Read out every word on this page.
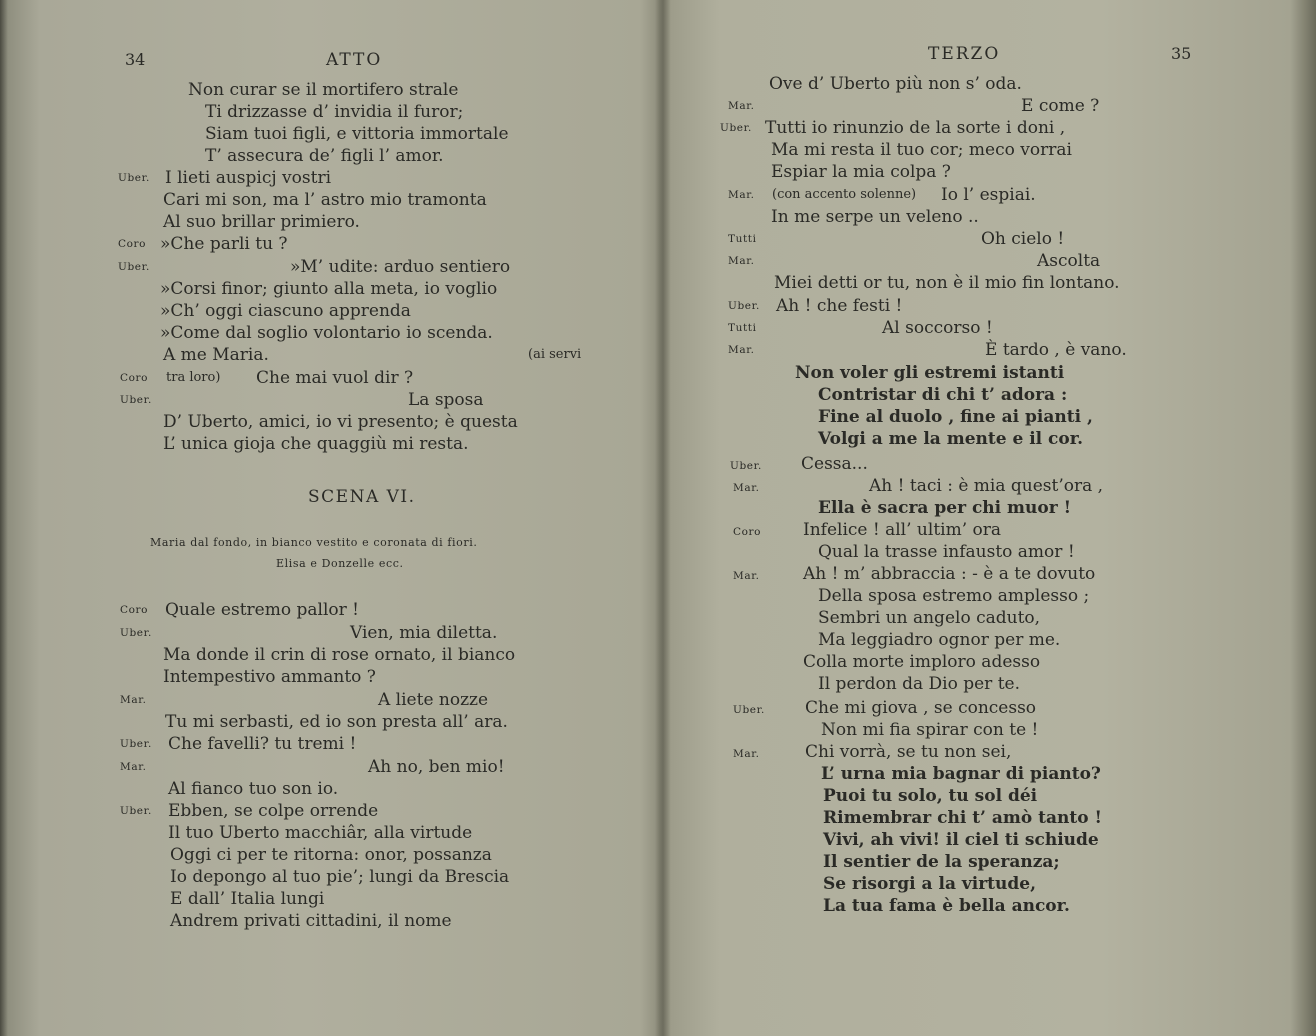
34	ATTO
Non curar se il mortifero strale
Ti drizzasse d’ invidia il furor;
Siam tuoi figli, e vittoria immortale
T’ assecura de’ figli l’ amor.
Uber. I lieti auspicj vostri
Cari mi son, ma l’ astro mio tramonta
Al suo brillar primiero.
Coro »Che parli tu ?
Uber.	»M’ udite: arduo sentiero
»Corsi finor; giunto alla meta, io voglio
»Ch’ oggi ciascuno apprenda
»Come dal soglio volontario io scenda.
A me Maria.	(ai servi
Coro tra loro) Che mai vuol dir ?
Uber.	La sposa
D’ Uberto, amici, io vi presento; è questa
L’ unica gioja che quaggiù mi resta.
SCENA VI.
Maria dal fondo, in bianco vestito e coronata di fiori.
Elisa e Donzelle ecc.
Coro Quale estremo pallor !
Uber.	Vien, mia diletta.
Ma donde il crin di rose ornato, il bianco
Intempestivo ammanto ?
Mar.	A liete nozze
Tu mi serbasti, ed io son presta all’ ara.
Uber. Che favelli? tu tremi !
Mar.	Ah no, ben mio!
Al fianco tuo son io.
Uber. Ebben, se colpe orrende
Il tuo Uberto macchiâr, alla virtude
Oggi ci per te ritorna: onor, possanza
Io depongo al tuo pie’; lungi da Brescia
E dall’ Italia lungi
Andrem privati cittadini, il nome
TERZO	35
Ove d’ Uberto più non s’ oda.
Mar.	E come ?
Uber. Tutti io rinunzio de la sorte i doni ,
Ma mi resta il tuo cor; meco vorrai
Espiar la mia colpa ?
Mar. (con accento solenne) Io l’ espiai.
In me serpe un veleno ..
Tutti	Oh cielo !
Mar.	Ascolta
Miei detti or tu, non è il mio fin lontano.
Uber. Ah ! che festi !
Tutti	Al soccorso !
Mar.	È tardo , è vano.
Non voler gli estremi istanti
Contristar di chi t’ adora :
Fine al duolo , fine ai pianti ,
Volgi a me la mente e il cor.
Uber. Cessa...
Mar.	Ah ! taci : è mia quest’ora ,
Ella è sacra per chi muor !
Coro Infelice ! all’ ultim’ ora
Qual la trasse infausto amor !
Mar.	Ah ! m’ abbraccia : - è a te dovuto
Della sposa estremo amplesso ;
Sembri un angelo caduto,
Ma leggiadro ognor per me.
Colla morte imploro adesso
Il perdon da Dio per te.
Uber. Che mi giova , se concesso
Non mi fia spirar con te !
Mar.	Chi vorrà, se tu non sei,
L’ urna mia bagnar di pianto?
Puoi tu solo, tu sol déi
Rimembrar chi t’ amò tanto !
Vivi, ah vivi! il ciel ti schiude
Il sentier de la speranza;
Se risorgi a la virtude,
La tua fama è bella ancor.
